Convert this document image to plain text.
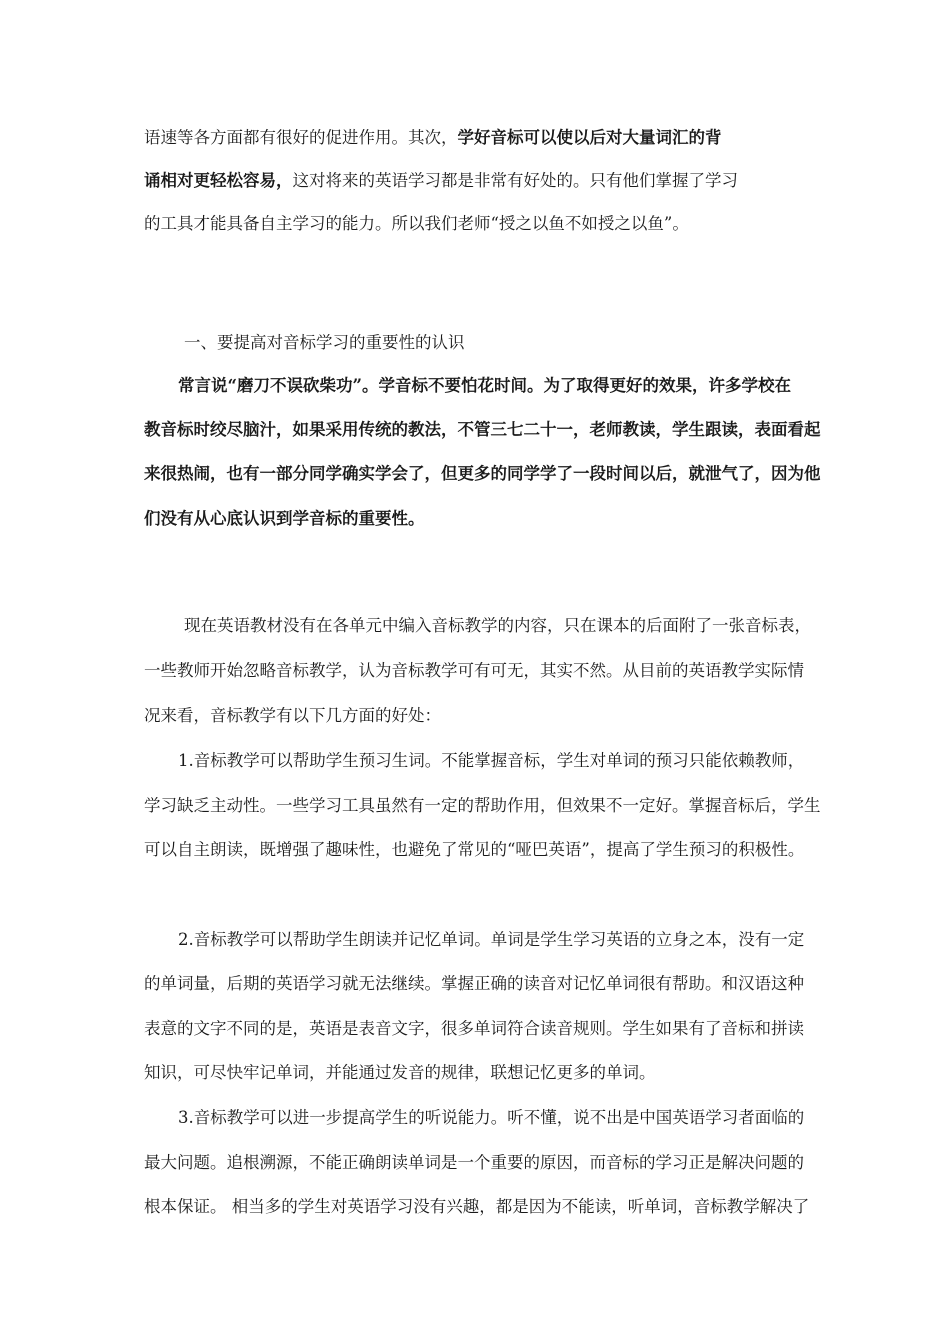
语速等各方面都有很好的促进作用。其次，学好音标可以使以后对大量词汇的背
诵相对更轻松容易，这对将来的英语学习都是非常有好处的。只有他们掌握了学习
的工具才能具备自主学习的能力。所以我们老师“授之以鱼不如授之以鱼”。
一、要提高对音标学习的重要性的认识
常言说“磨刀不误砍柴功”。学音标不要怕花时间。为了取得更好的效果，许多学校在
教音标时绞尽脑汁，如果采用传统的教法，不管三七二十一，老师教读，学生跟读，表面看起
来很热闹，也有一部分同学确实学会了，但更多的同学学了一段时间以后，就泄气了，因为他
们没有从心底认识到学音标的重要性。
现在英语教材没有在各单元中编入音标教学的内容，只在课本的后面附了一张音标表，
一些教师开始忽略音标教学，认为音标教学可有可无，其实不然。从目前的英语教学实际情
况来看，音标教学有以下几方面的好处：
1.音标教学可以帮助学生预习生词。不能掌握音标，学生对单词的预习只能依赖教师，
学习缺乏主动性。一些学习工具虽然有一定的帮助作用，但效果不一定好。掌握音标后，学生
可以自主朗读，既增强了趣味性，也避免了常见的“哑巴英语”，提高了学生预习的积极性。
2.音标教学可以帮助学生朗读并记忆单词。单词是学生学习英语的立身之本，没有一定
的单词量，后期的英语学习就无法继续。掌握正确的读音对记忆单词很有帮助。和汉语这种
表意的文字不同的是，英语是表音文字，很多单词符合读音规则。学生如果有了音标和拼读
知识，可尽快牢记单词，并能通过发音的规律，联想记忆更多的单词。
3.音标教学可以进一步提高学生的听说能力。听不懂，说不出是中国英语学习者面临的
最大问题。追根溯源，不能正确朗读单词是一个重要的原因，而音标的学习正是解决问题的
根本保证。 相当多的学生对英语学习没有兴趣，都是因为不能读，听单词，音标教学解决了
